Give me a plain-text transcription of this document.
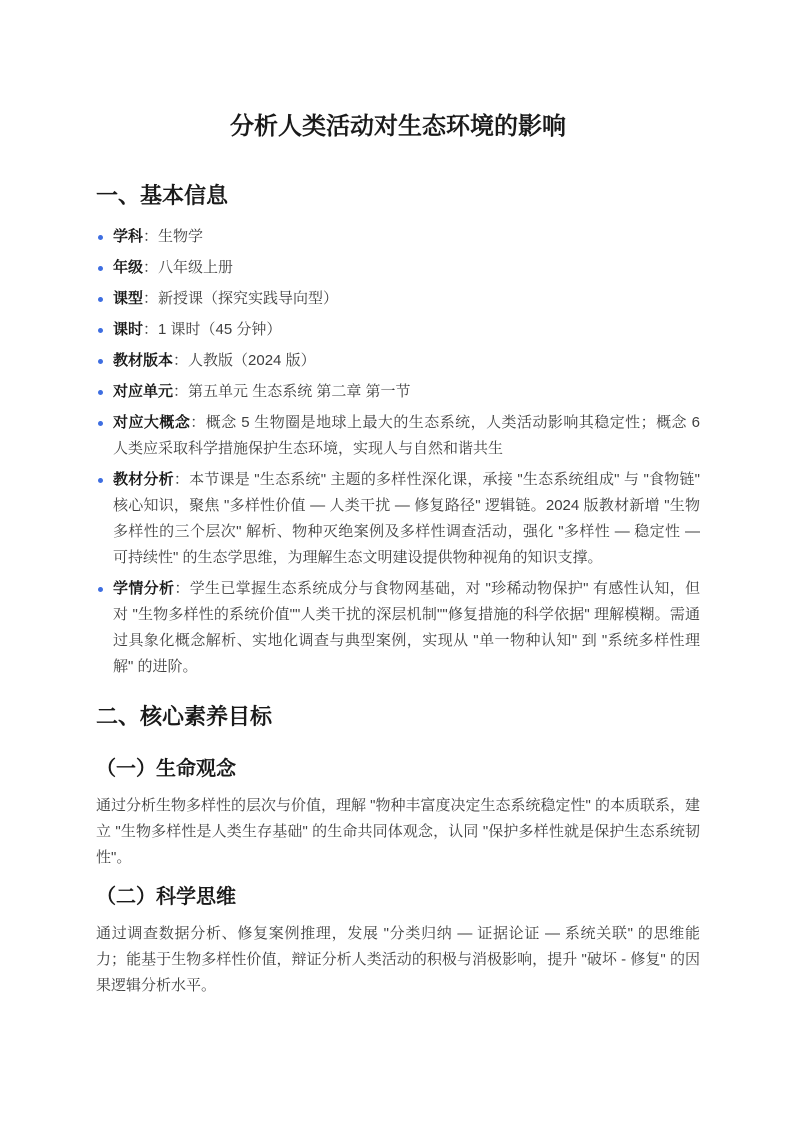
分析人类活动对生态环境的影响
一、基本信息
学科：生物学
年级：八年级上册
课型：新授课（探究实践导向型）
课时：1 课时（45 分钟）
教材版本：人教版（2024 版）
对应单元：第五单元 生态系统 第二章 第一节
对应大概念：概念 5 生物圈是地球上最大的生态系统，人类活动影响其稳定性；概念 6 人类应采取科学措施保护生态环境，实现人与自然和谐共生
教材分析：本节课是 "生态系统" 主题的多样性深化课，承接 "生态系统组成" 与 "食物链" 核心知识，聚焦 "多样性价值 — 人类干扰 — 修复路径" 逻辑链。2024 版教材新增 "生物多样性的三个层次" 解析、物种灭绝案例及多样性调查活动，强化 "多样性 — 稳定性 — 可持续性" 的生态学思维，为理解生态文明建设提供物种视角的知识支撑。
学情分析：学生已掌握生态系统成分与食物网基础，对 "珍稀动物保护" 有感性认知，但对 "生物多样性的系统价值""人类干扰的深层机制""修复措施的科学依据" 理解模糊。需通过具象化概念解析、实地化调查与典型案例，实现从 "单一物种认知" 到 "系统多样性理解" 的进阶。
二、核心素养目标
（一）生命观念

通过分析生物多样性的层次与价值，理解 "物种丰富度决定生态系统稳定性" 的本质联系，建立 "生物多样性是人类生存基础" 的生命共同体观念，认同 "保护多样性就是保护生态系统韧性"。

（二）科学思维

通过调查数据分析、修复案例推理，发展 "分类归纳 — 证据论证 — 系统关联" 的思维能力；能基于生物多样性价值，辩证分析人类活动的积极与消极影响，提升 "破坏 - 修复" 的因果逻辑分析水平。
